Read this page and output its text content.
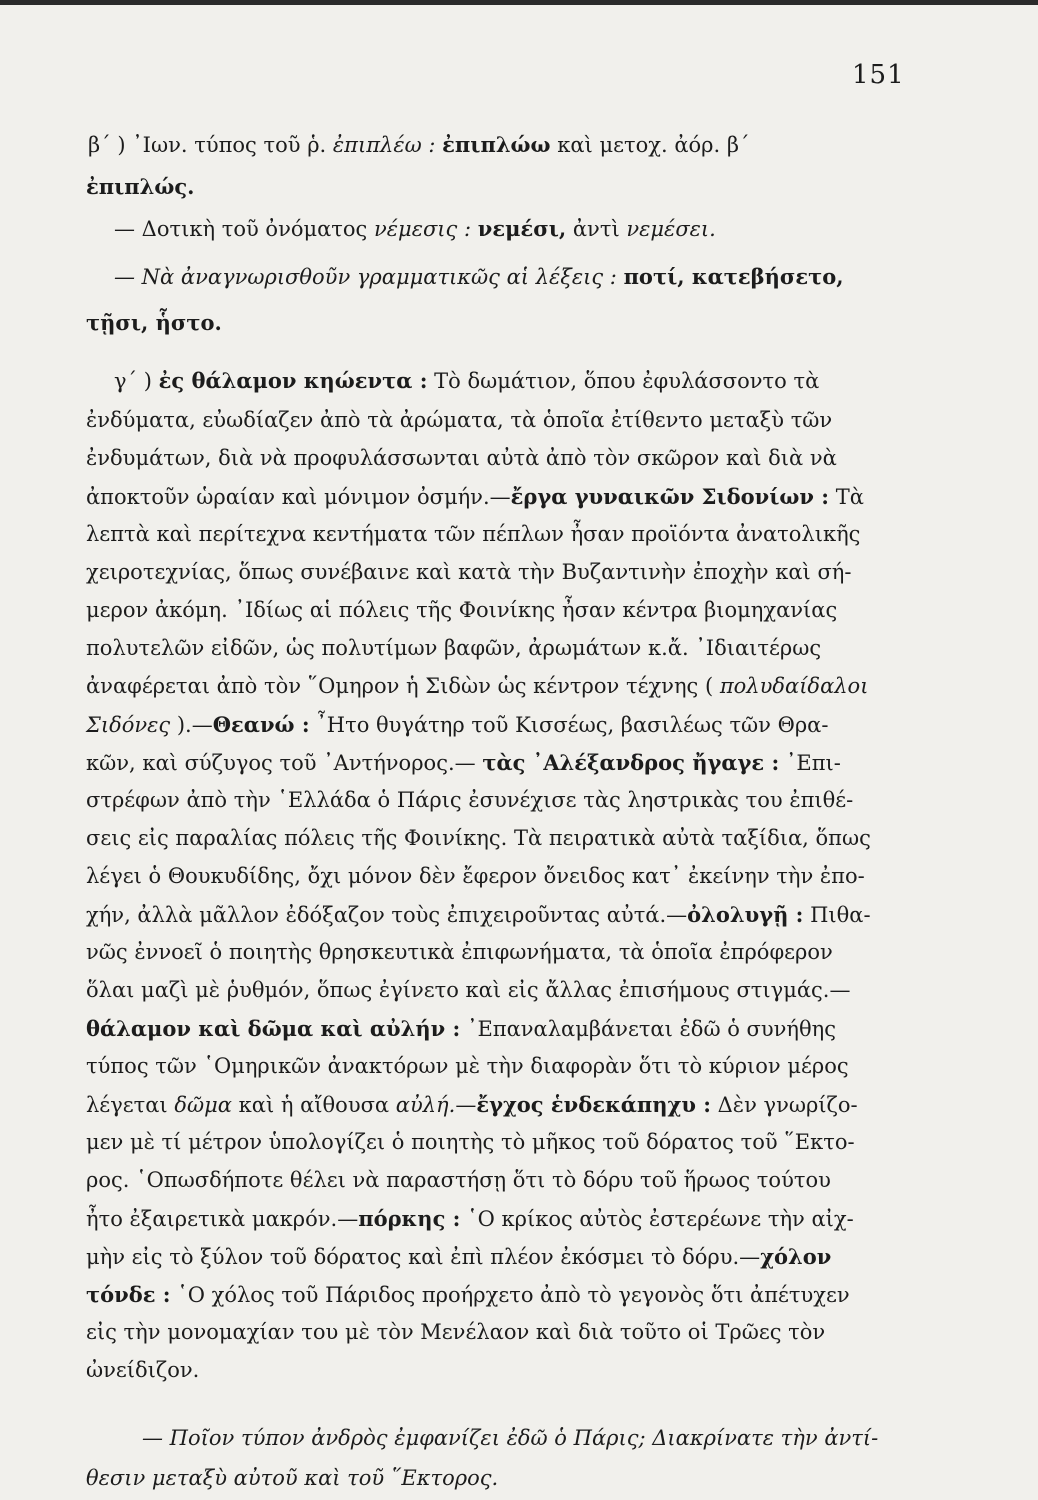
151
β΄ ) ᾿Ιων. τύπος τοῦ ῥ. ἐπιπλέω : ἐπιπλώω καὶ μετοχ. ἀόρ. β΄
ἐπιπλώς.
— Δοτικὴ τοῦ ὀνόματος νέμεσις : νεμέσι, ἀντὶ νεμέσει.
— Νὰ ἀναγνωρισθοῦν γραμματικῶς αἱ λέξεις : ποτί, κατεβήσετο,
τῇσι, ἧστο.
γ΄ ) ἐς θάλαμον κηώεντα : Τὸ δωμάτιον, ὅπου ἐφυλάσσοντο τὰ
ἐνδύματα, εὐωδίαζεν ἀπὸ τὰ ἀρώματα, τὰ ὁποῖα ἐτίθεντο μεταξὺ τῶν
ἐνδυμάτων, διὰ νὰ προφυλάσσωνται αὐτὰ ἀπὸ τὸν σκῶρον καὶ διὰ νὰ
ἀποκτοῦν ὡραίαν καὶ μόνιμον ὀσμήν.—ἔργα γυναικῶν Σιδονίων : Τὰ
λεπτὰ καὶ περίτεχνα κεντήματα τῶν πέπλων ἦσαν προϊόντα ἀνατολικῆς
χειροτεχνίας, ὅπως συνέβαινε καὶ κατὰ τὴν Βυζαντινὴν ἐποχὴν καὶ σή-
μερον ἀκόμη. ᾿Ιδίως αἱ πόλεις τῆς Φοινίκης ἦσαν κέντρα βιομηχανίας
πολυτελῶν εἰδῶν, ὡς πολυτίμων βαφῶν, ἀρωμάτων κ.ἄ. ᾿Ιδιαιτέρως
ἀναφέρεται ἀπὸ τὸν ῞Ομηρον ἡ Σιδὼν ὡς κέντρον τέχνης ( πολυδαίδαλοι
Σιδόνες ).—Θεανώ : ῏Ητο θυγάτηρ τοῦ Κισσέως, βασιλέως τῶν Θρα-
κῶν, καὶ σύζυγος τοῦ ᾿Αντήνορος.— τὰς ᾿Αλέξανδρος ἤγαγε : ᾿Επι-
στρέφων ἀπὸ τὴν ῾Ελλάδα ὁ Πάρις ἐσυνέχισε τὰς ληστρικὰς του ἐπιθέ-
σεις εἰς παραλίας πόλεις τῆς Φοινίκης. Τὰ πειρατικὰ αὐτὰ ταξίδια, ὅπως
λέγει ὁ Θουκυδίδης, ὄχι μόνον δὲν ἔφερον ὄνειδος κατ᾿ ἐκείνην τὴν ἐπο-
χήν, ἀλλὰ μᾶλλον ἐδόξαζον τοὺς ἐπιχειροῦντας αὐτά.—ὀλολυγῇ : Πιθα-
νῶς ἐννοεῖ ὁ ποιητὴς θρησκευτικὰ ἐπιφωνήματα, τὰ ὁποῖα ἐπρόφερον
ὅλαι μαζὶ μὲ ῥυθμόν, ὅπως ἐγίνετο καὶ εἰς ἄλλας ἐπισήμους στιγμάς.—
θάλαμον καὶ δῶμα καὶ αὐλήν : ᾿Επαναλαμβάνεται ἐδῶ ὁ συνήθης
τύπος τῶν ῾Ομηρικῶν ἀνακτόρων μὲ τὴν διαφορὰν ὅτι τὸ κύριον μέρος
λέγεται δῶμα καὶ ἡ αἴθουσα αὐλή.—ἔγχος ἑνδεκάπηχυ : Δὲν γνωρίζο-
μεν μὲ τί μέτρον ὑπολογίζει ὁ ποιητὴς τὸ μῆκος τοῦ δόρατος τοῦ ῞Εκτο-
ρος. ῾Οπωσδήποτε θέλει νὰ παραστήσῃ ὅτι τὸ δόρυ τοῦ ἥρωος τούτου
ἦτο ἐξαιρετικὰ μακρόν.—πόρκης : ῾Ο κρίκος αὐτὸς ἐστερέωνε τὴν αἰχ-
μὴν εἰς τὸ ξύλον τοῦ δόρατος καὶ ἐπὶ πλέον ἐκόσμει τὸ δόρυ.—χόλον
τόνδε : ῾Ο χόλος τοῦ Πάριδος προήρχετο ἀπὸ τὸ γεγονὸς ὅτι ἀπέτυχεν
εἰς τὴν μονομαχίαν του μὲ τὸν Μενέλαον καὶ διὰ τοῦτο οἱ Τρῶες τὸν
ὠνείδιζον.
— Ποῖον τύπον ἀνδρὸς ἐμφανίζει ἐδῶ ὁ Πάρις; Διακρίνατε τὴν ἀντί-
θεσιν μεταξὺ αὐτοῦ καὶ τοῦ ῞Εκτορος.
